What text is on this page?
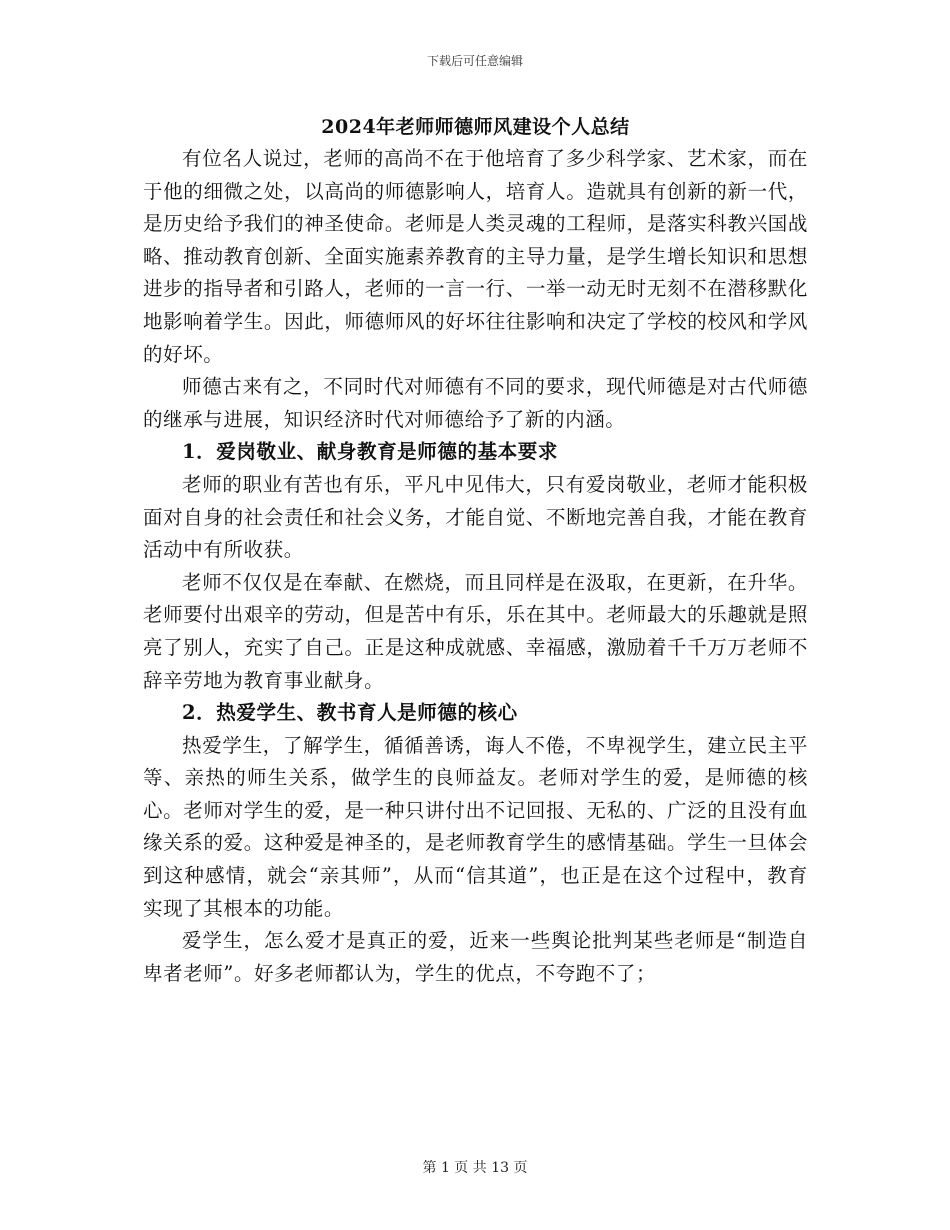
下载后可任意编辑
2024年老师师德师风建设个人总结

有位名人说过，老师的高尚不在于他培育了多少科学家、艺术家，而在于他的细微之处，以高尚的师德影响人，培育人。造就具有创新的新一代，是历史给予我们的神圣使命。老师是人类灵魂的工程师，是落实科教兴国战略、推动教育创新、全面实施素养教育的主导力量，是学生增长知识和思想进步的指导者和引路人，老师的一言一行、一举一动无时无刻不在潜移默化地影响着学生。因此，师德师风的好坏往往影响和决定了学校的校风和学风的好坏。

师德古来有之，不同时代对师德有不同的要求，现代师德是对古代师德的继承与进展，知识经济时代对师德给予了新的内涵。

1．爱岗敬业、献身教育是师德的基本要求

老师的职业有苦也有乐，平凡中见伟大，只有爱岗敬业，老师才能积极面对自身的社会责任和社会义务，才能自觉、不断地完善自我，才能在教育活动中有所收获。

老师不仅仅是在奉献、在燃烧，而且同样是在汲取，在更新，在升华。老师要付出艰辛的劳动，但是苦中有乐，乐在其中。老师最大的乐趣就是照亮了别人，充实了自己。正是这种成就感、幸福感，激励着千千万万老师不辞辛劳地为教育事业献身。

2．热爱学生、教书育人是师德的核心

热爱学生，了解学生，循循善诱，诲人不倦，不卑视学生，建立民主平等、亲热的师生关系，做学生的良师益友。老师对学生的爱，是师德的核心。老师对学生的爱，是一种只讲付出不记回报、无私的、广泛的且没有血缘关系的爱。这种爱是神圣的，是老师教育学生的感情基础。学生一旦体会到这种感情，就会“亲其师”，从而“信其道”，也正是在这个过程中，教育实现了其根本的功能。

爱学生，怎么爱才是真正的爱，近来一些舆论批判某些老师是“制造自卑者老师”。好多老师都认为，学生的优点，不夸跑不了；

第 1 页 共 13 页
